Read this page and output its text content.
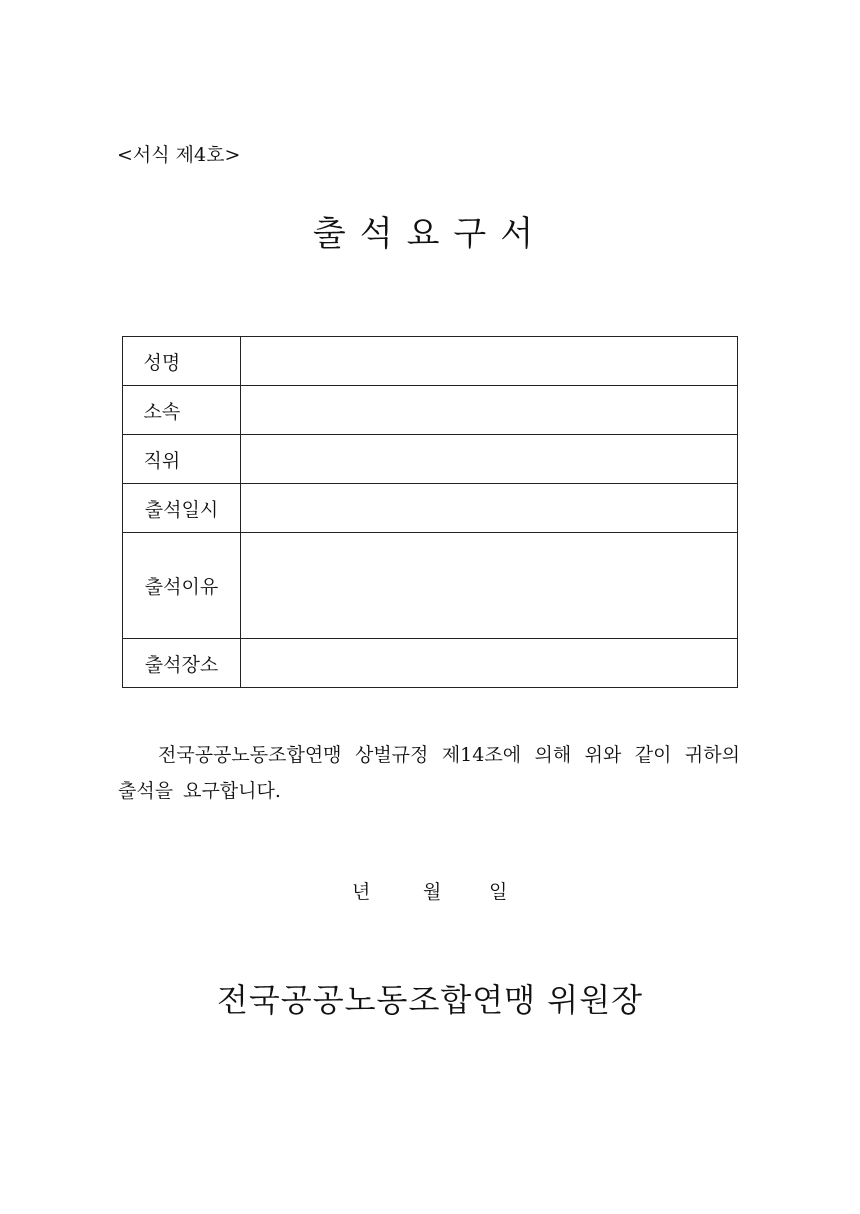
<서식 제4호>
출석요구서
성명	
소속	
직위	
출석일시	
출석이유	
출석장소	
전국공공노동조합연맹 상벌규정 제14조에 의해 위와 같이 귀하의 출석을 요구합니다.
년	월	일
전국공공노동조합연맹 위원장
